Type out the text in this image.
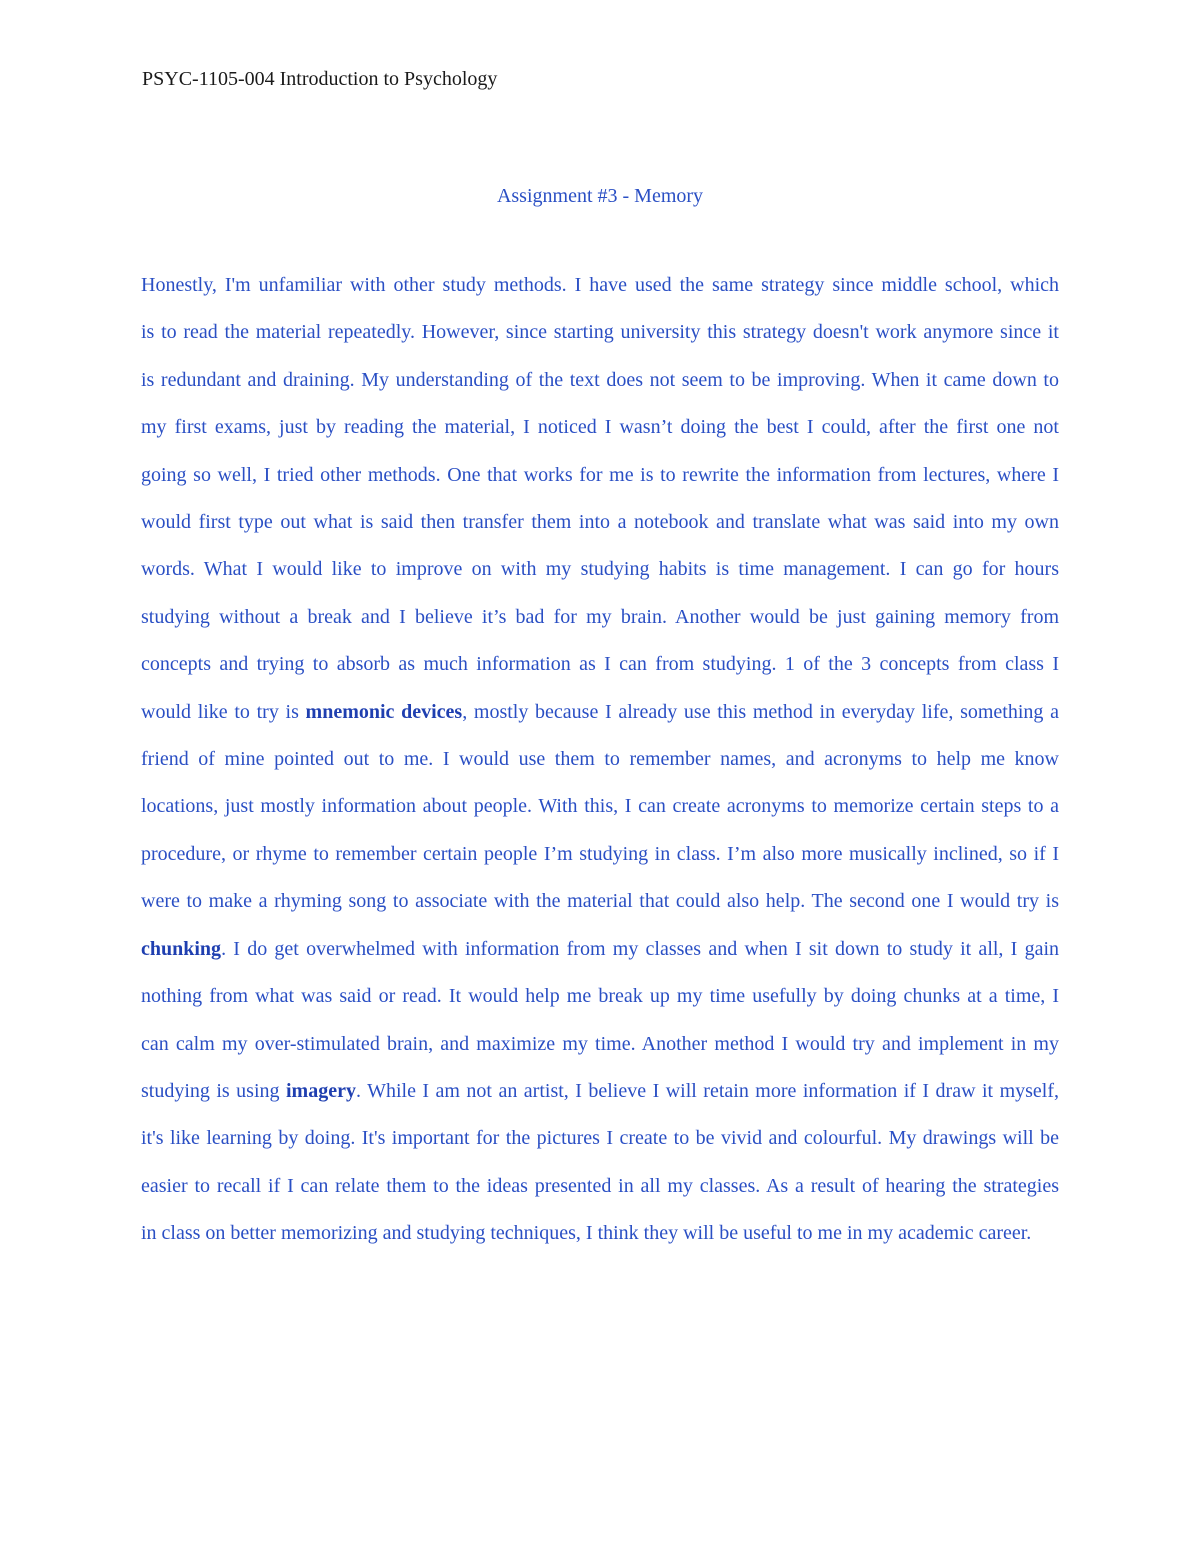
PSYC-1105-004 Introduction to Psychology
Assignment #3 - Memory
Honestly, I'm unfamiliar with other study methods. I have used the same strategy since middle school, which
is to read the material repeatedly. However, since starting university this strategy doesn't work anymore since it
is redundant and draining. My understanding of the text does not seem to be improving. When it came down to
my first exams, just by reading the material, I noticed I wasn’t doing the best I could, after the first one not
going so well, I tried other methods. One that works for me is to rewrite the information from lectures, where I
would first type out what is said then transfer them into a notebook and translate what was said into my own
words. What I would like to improve on with my studying habits is time management. I can go for hours
studying without a break and I believe it’s bad for my brain. Another would be just gaining memory from
concepts and trying to absorb as much information as I can from studying. 1 of the 3 concepts from class I
would like to try is mnemonic devices, mostly because I already use this method in everyday life, something a
friend of mine pointed out to me. I would use them to remember names, and acronyms to help me know
locations, just mostly information about people. With this, I can create acronyms to memorize certain steps to a
procedure, or rhyme to remember certain people I’m studying in class. I’m also more musically inclined, so if I
were to make a rhyming song to associate with the material that could also help. The second one I would try is
chunking. I do get overwhelmed with information from my classes and when I sit down to study it all, I gain
nothing from what was said or read. It would help me break up my time usefully by doing chunks at a time, I
can calm my over-stimulated brain, and maximize my time. Another method I would try and implement in my
studying is using imagery. While I am not an artist, I believe I will retain more information if I draw it myself,
it's like learning by doing. It's important for the pictures I create to be vivid and colourful. My drawings will be
easier to recall if I can relate them to the ideas presented in all my classes. As a result of hearing the strategies
in class on better memorizing and studying techniques, I think they will be useful to me in my academic career.
